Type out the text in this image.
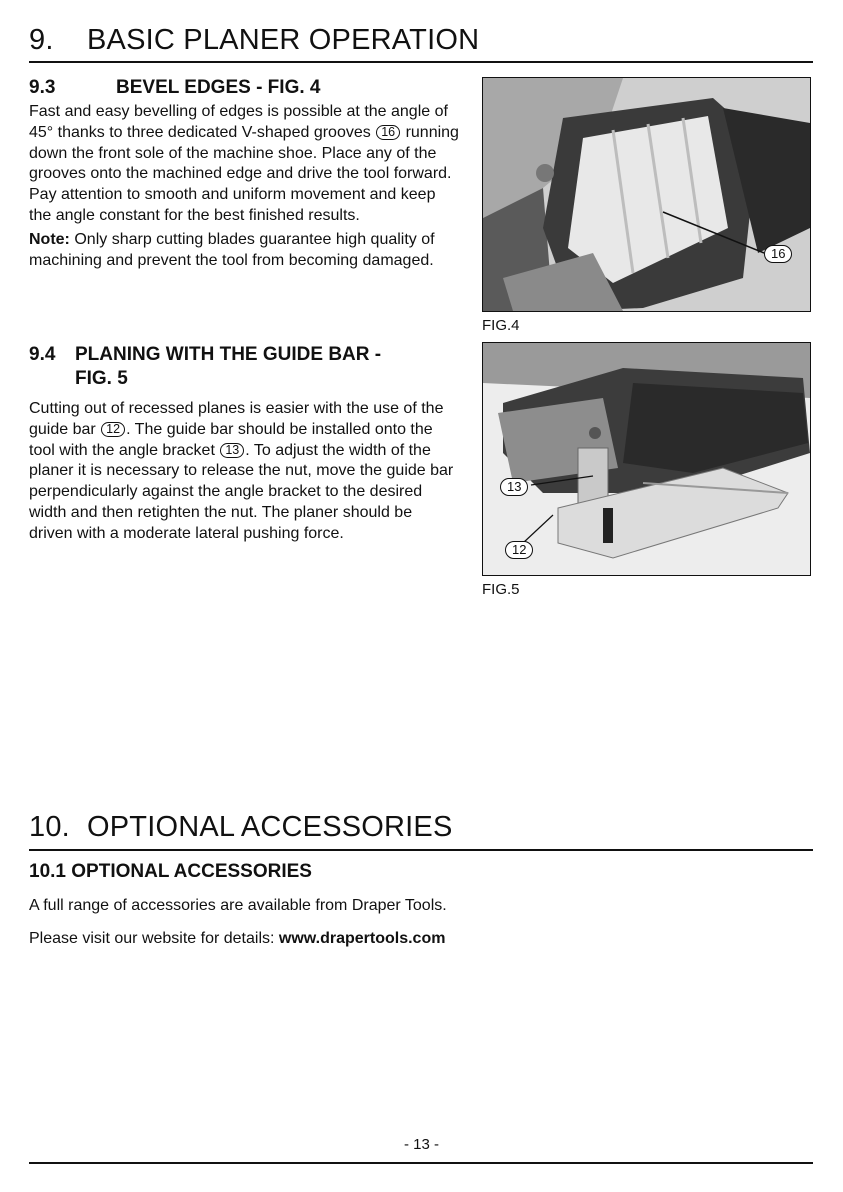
9. BASIC PLANER OPERATION
9.3	BEVEL EDGES - FIG. 4

Fast and easy bevelling of edges is possible at the angle of 45° thanks to three dedicated V-shaped grooves 16 running down the front sole of the machine shoe. Place any of the grooves onto the machined edge and drive the tool forward. Pay attention to smooth and uniform movement and keep the angle constant for the best finished results.

Note: Only sharp cutting blades guarantee high quality of machining and prevent the tool from becoming damaged.

9.4 PLANING WITH THE GUIDE BAR -
FIG. 5

Cutting out of recessed planes is easier with the use of the guide bar 12 . The guide bar should be installed onto the tool with the angle bracket 13 . To adjust the width of the planer it is necessary to release the nut, move the guide bar perpendicularly against the angle bracket to the desired width and then retighten the nut. The planer should be driven with a moderate lateral pushing force.

16
FIG.4
13
12
FIG.5
10. OPTIONAL ACCESSORIES
10.1 OPTIONAL ACCESSORIES
A full range of accessories are available from Draper Tools.
Please visit our website for details: www.drapertools.com
- 13 -
